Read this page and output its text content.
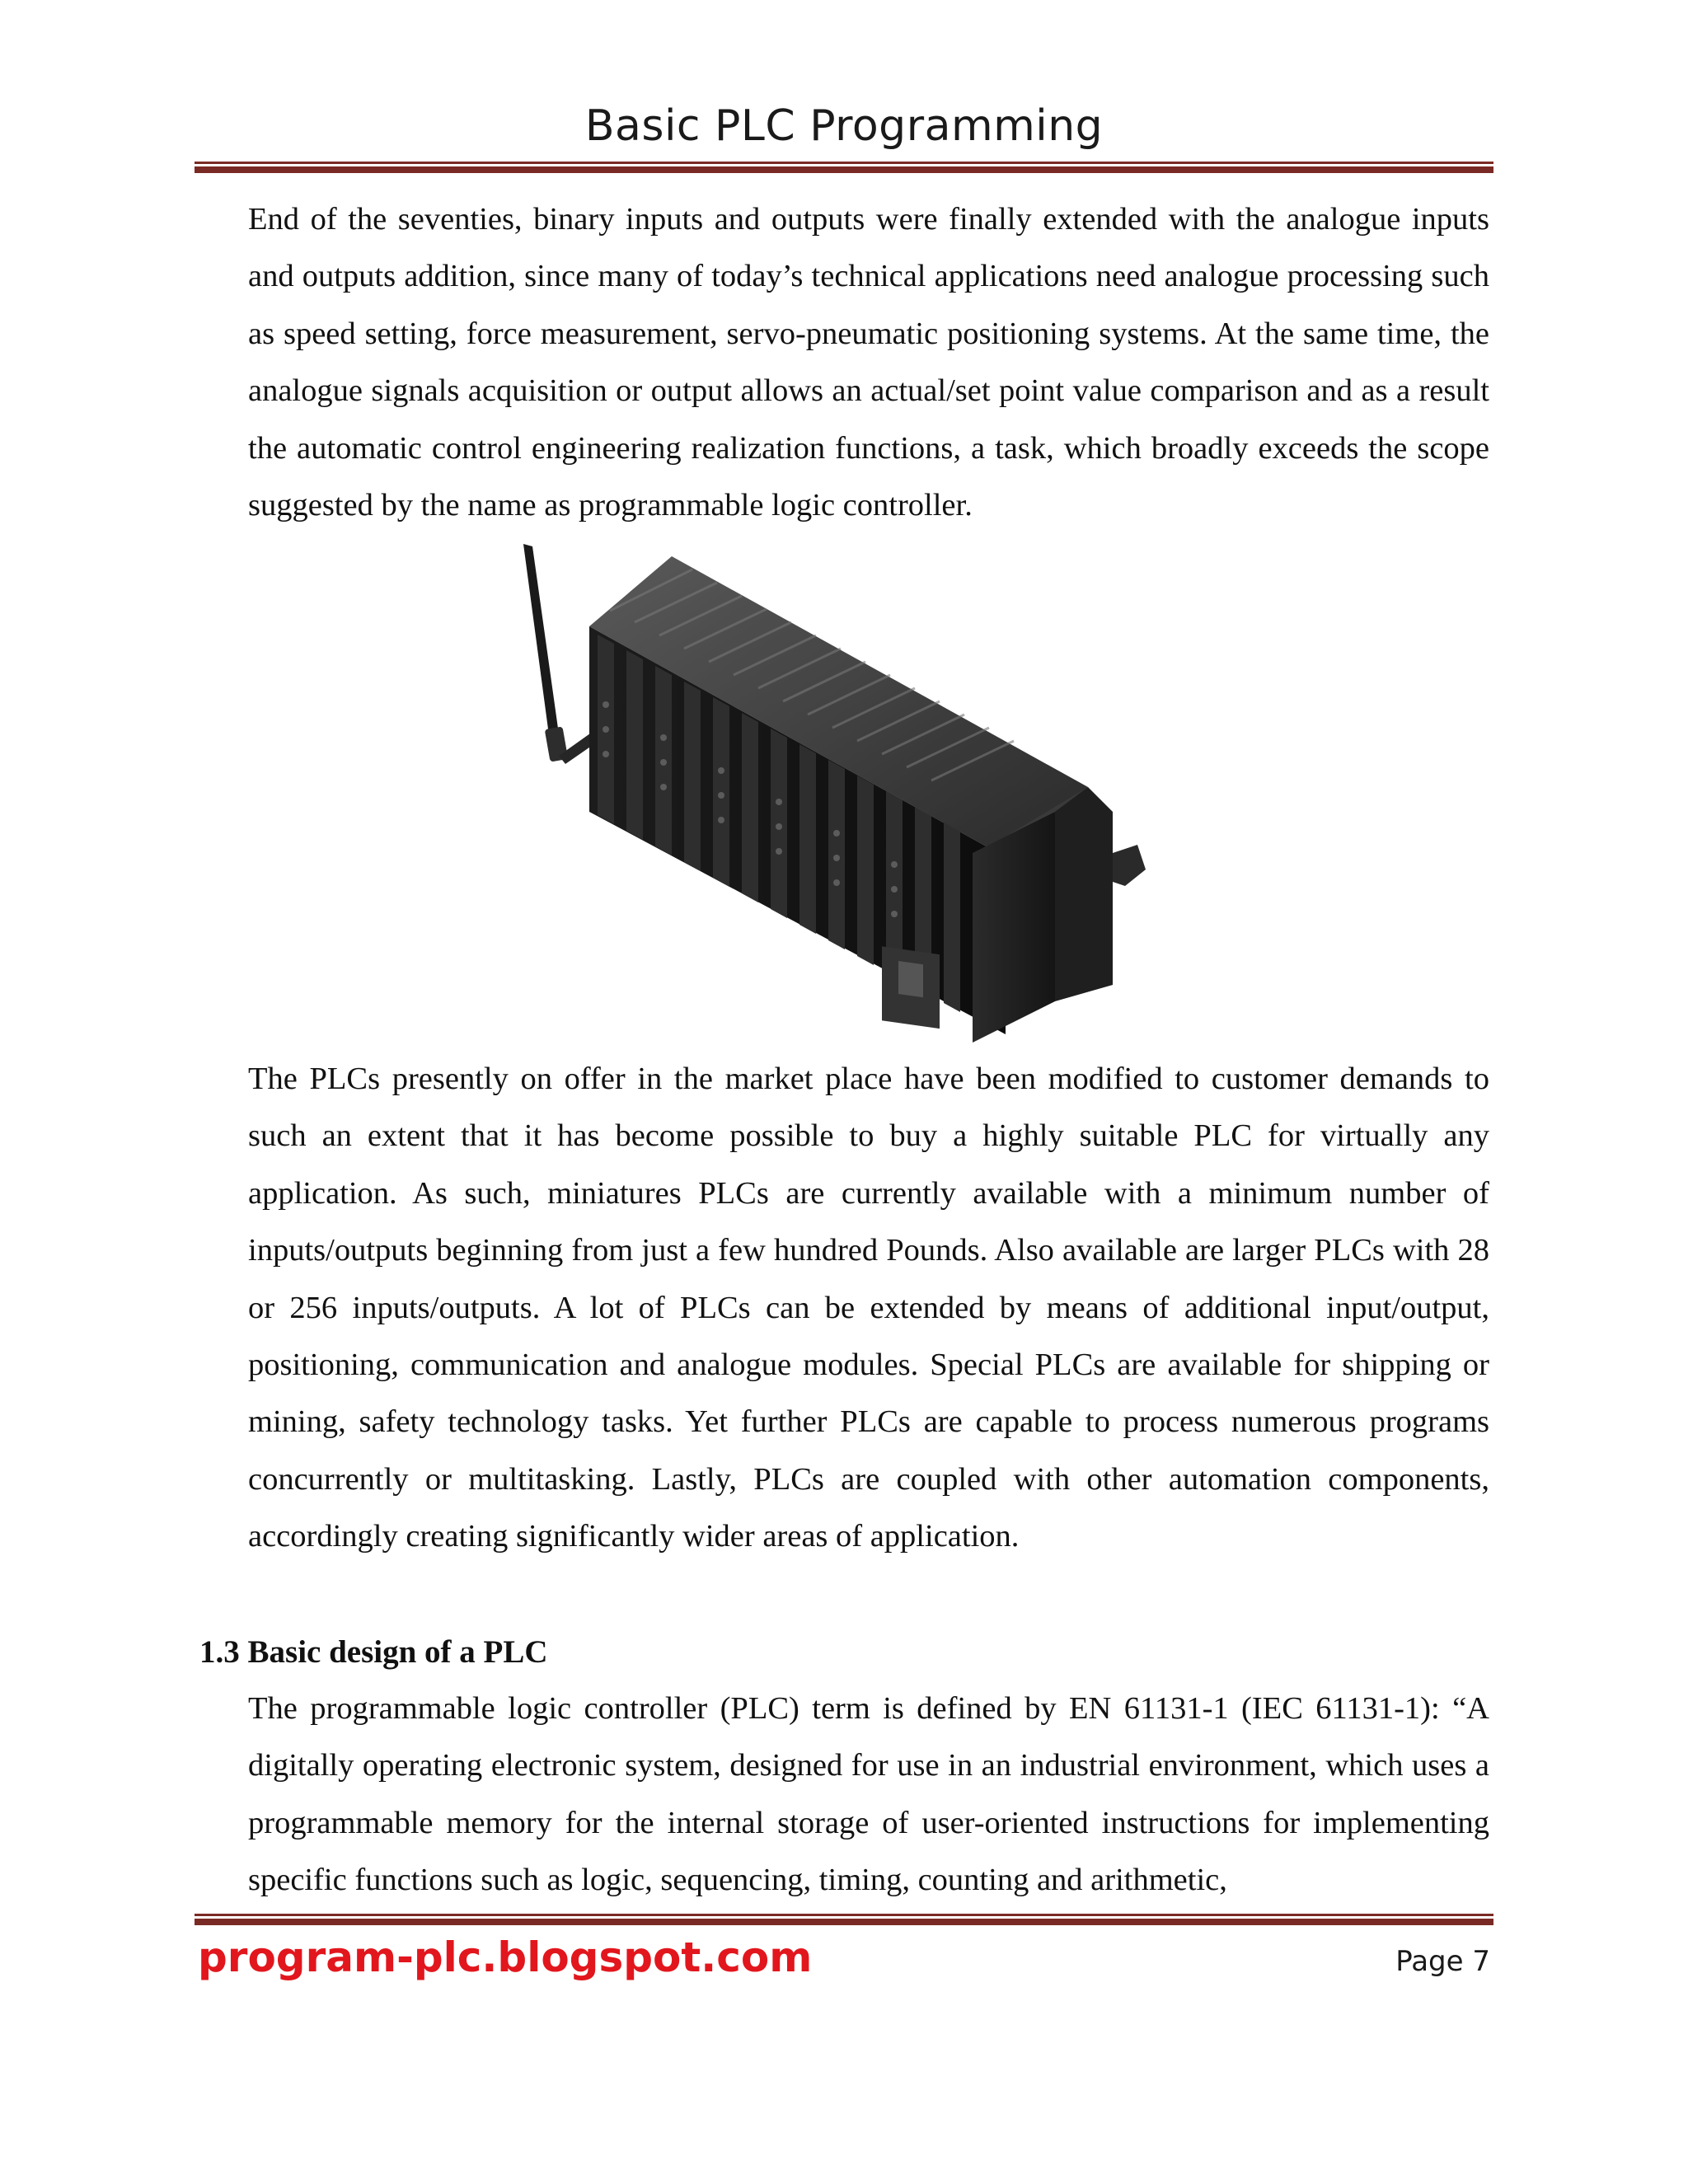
Basic PLC Programming

End of the seventies, binary inputs and outputs were finally extended with the analogue inputs and outputs addition, since many of today’s technical applications need analogue processing such as speed setting, force measurement, servo-pneumatic positioning systems. At the same time, the analogue signals acquisition or output allows an actual/set point value comparison and as a result the automatic control engineering realization functions, a task, which broadly exceeds the scope suggested by the name as programmable logic controller.

The PLCs presently on offer in the market place have been modified to customer demands to such an extent that it has become possible to buy a highly suitable PLC for virtually any application. As such, miniatures PLCs are currently available with a minimum number of inputs/outputs beginning from just a few hundred Pounds. Also available are larger PLCs with 28 or 256 inputs/outputs. A lot of PLCs can be extended by means of additional input/output, positioning, communication and analogue modules. Special PLCs are available for shipping or mining, safety technology tasks. Yet further PLCs are capable to process numerous programs concurrently or multitasking. Lastly, PLCs are coupled with other automation components, accordingly creating significantly wider areas of application.

1.3 Basic design of a PLC

The programmable logic controller (PLC) term is defined by EN 61131-1 (IEC 61131-1): “A digitally operating electronic system, designed for use in an industrial environment, which uses a programmable memory for the internal storage of user-oriented instructions for implementing specific functions such as logic, sequencing, timing, counting and arithmetic,

program-plc.blogspot.com	Page 7
